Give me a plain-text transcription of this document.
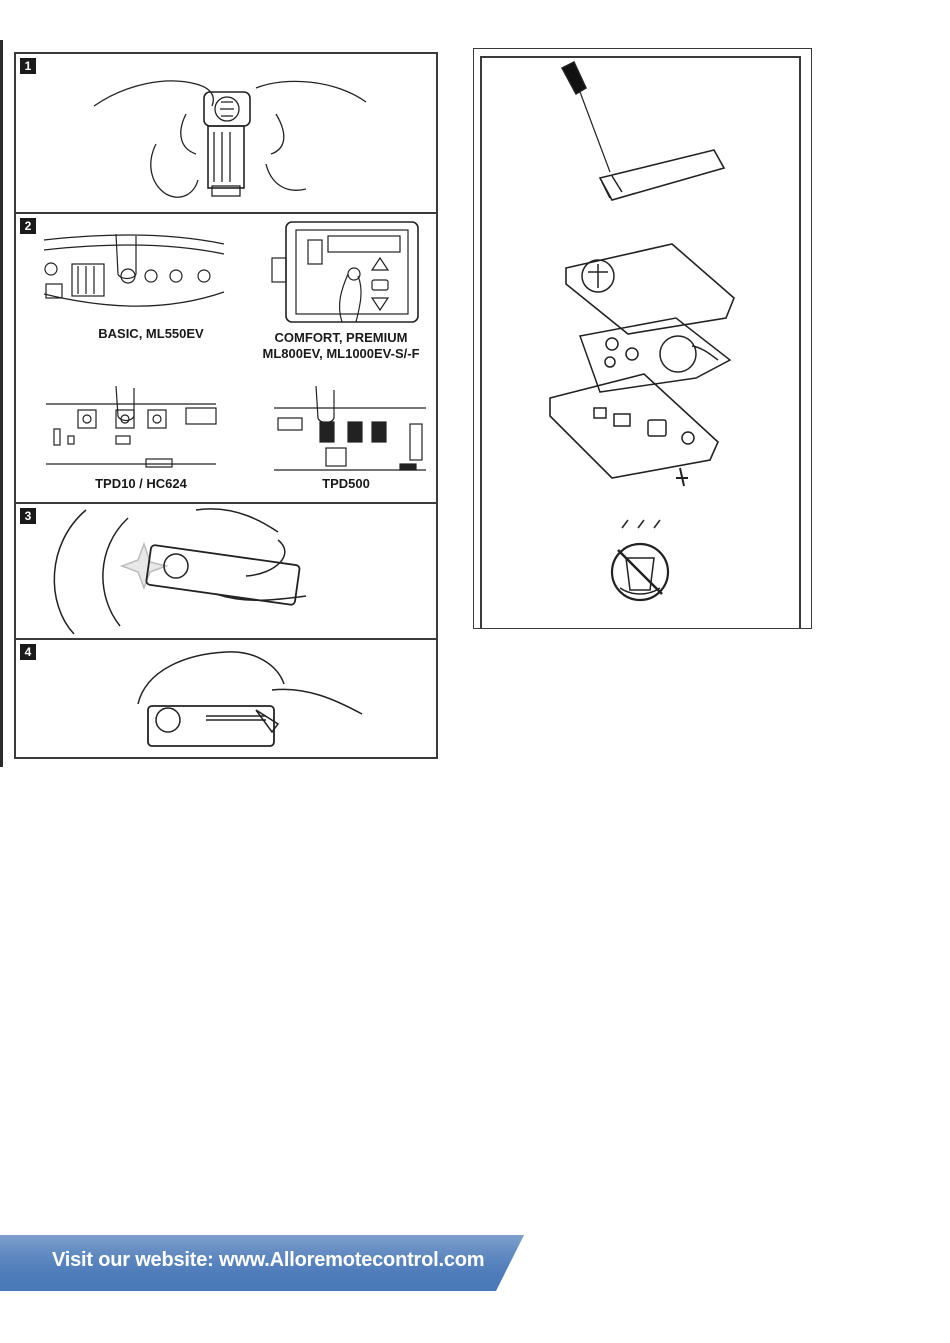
1
2
BASIC, ML550EV	COMFORT, PREMIUM
ML800EV, ML1000EV-S/-F
TPD10 / HC624	TPD500
3
4
Visit our website: www.Alloremotecontrol.com
